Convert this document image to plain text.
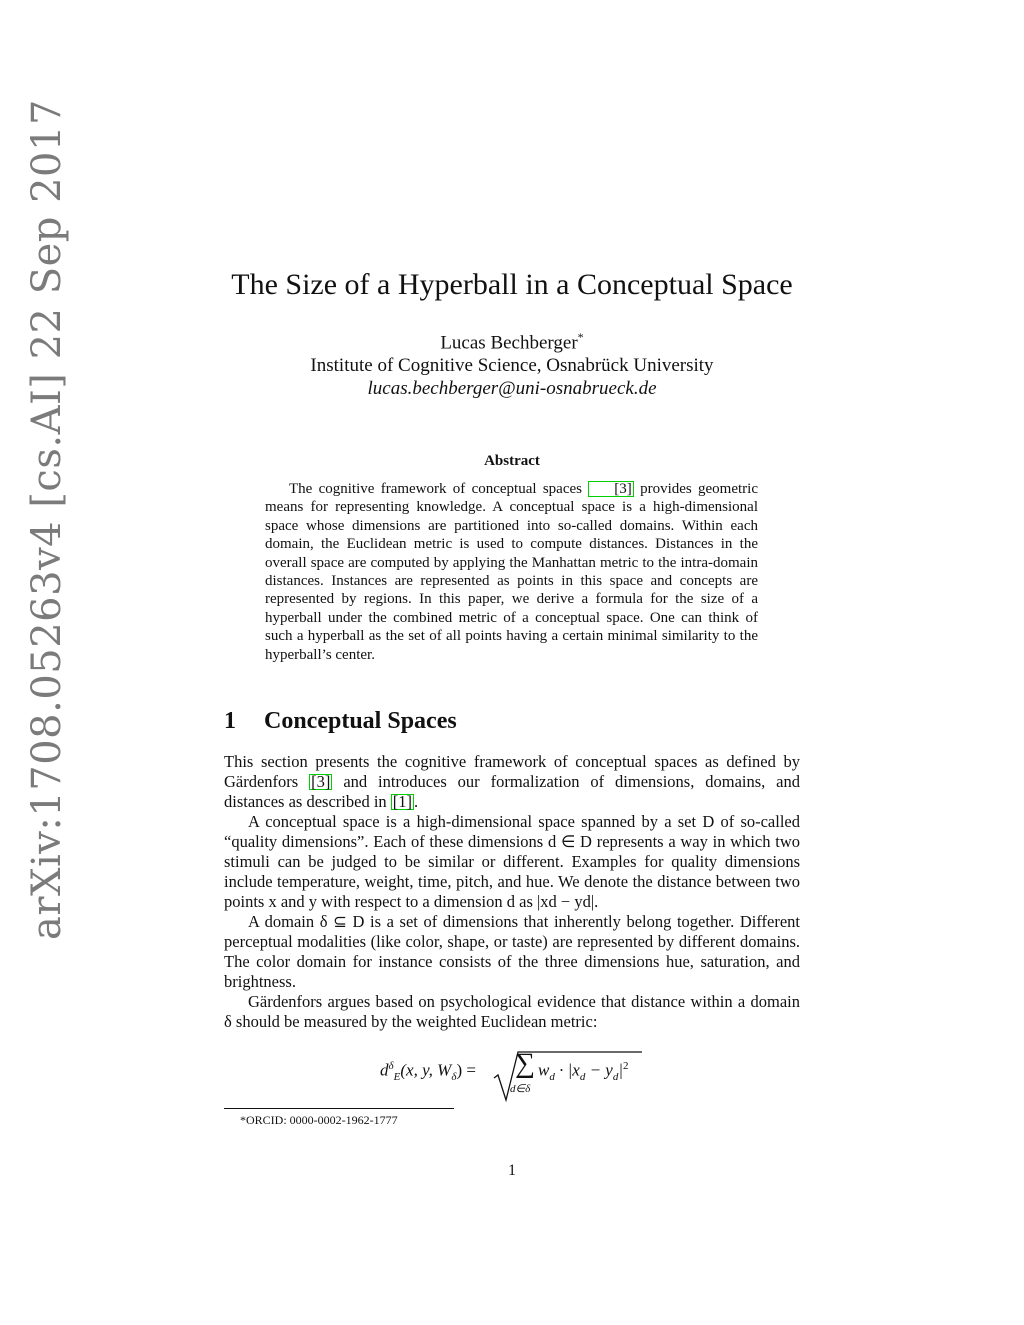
arXiv:1708.05263v4 [cs.AI] 22 Sep 2017	The Size of a Hyperball in a Conceptual Space
Lucas Bechberger*
Institute of Cognitive Science, Osnabrück University
lucas.bechberger@uni-osnabrueck.de
Abstract

The cognitive framework of conceptual spaces [3] provides geometric means for representing knowledge. A conceptual space is a high-dimensional space whose dimensions are partitioned into so-called domains. Within each domain, the Euclidean metric is used to compute distances. Distances in the overall space are computed by applying the Manhattan metric to the intra-domain distances. Instances are represented as points in this space and concepts are represented by regions. In this paper, we derive a formula for the size of a hyperball under the combined metric of a conceptual space. One can think of such a hyperball as the set of all points having a certain minimal similarity to the hyperball’s center.

1 Conceptual Spaces

This section presents the cognitive framework of conceptual spaces as defined by Gärdenfors [3] and introduces our formalization of dimensions, domains, and distances as described in [1] .

A conceptual space is a high-dimensional space spanned by a set D of so-called “quality dimensions”. Each of these dimensions d ∈ D represents a way in which two stimuli can be judged to be similar or different. Examples for quality dimensions include temperature, weight, time, pitch, and hue. We denote the distance between two points x and y with respect to a dimension d as |xd − yd|.

A domain δ ⊆ D is a set of dimensions that inherently belong together. Different perceptual modalities (like color, shape, or taste) are represented by different domains. The color domain for instance consists of the three dimensions hue, saturation, and brightness.

Gärdenfors argues based on psychological evidence that distance within a domain δ should be measured by the weighted Euclidean metric:

$d^\delta_E(x$, y, $W_\delta$) = ∑
d∈δ
$w_d \cdot |x_d - y_d|^2$
*ORCID: 0000-0002-1962-1777
1
